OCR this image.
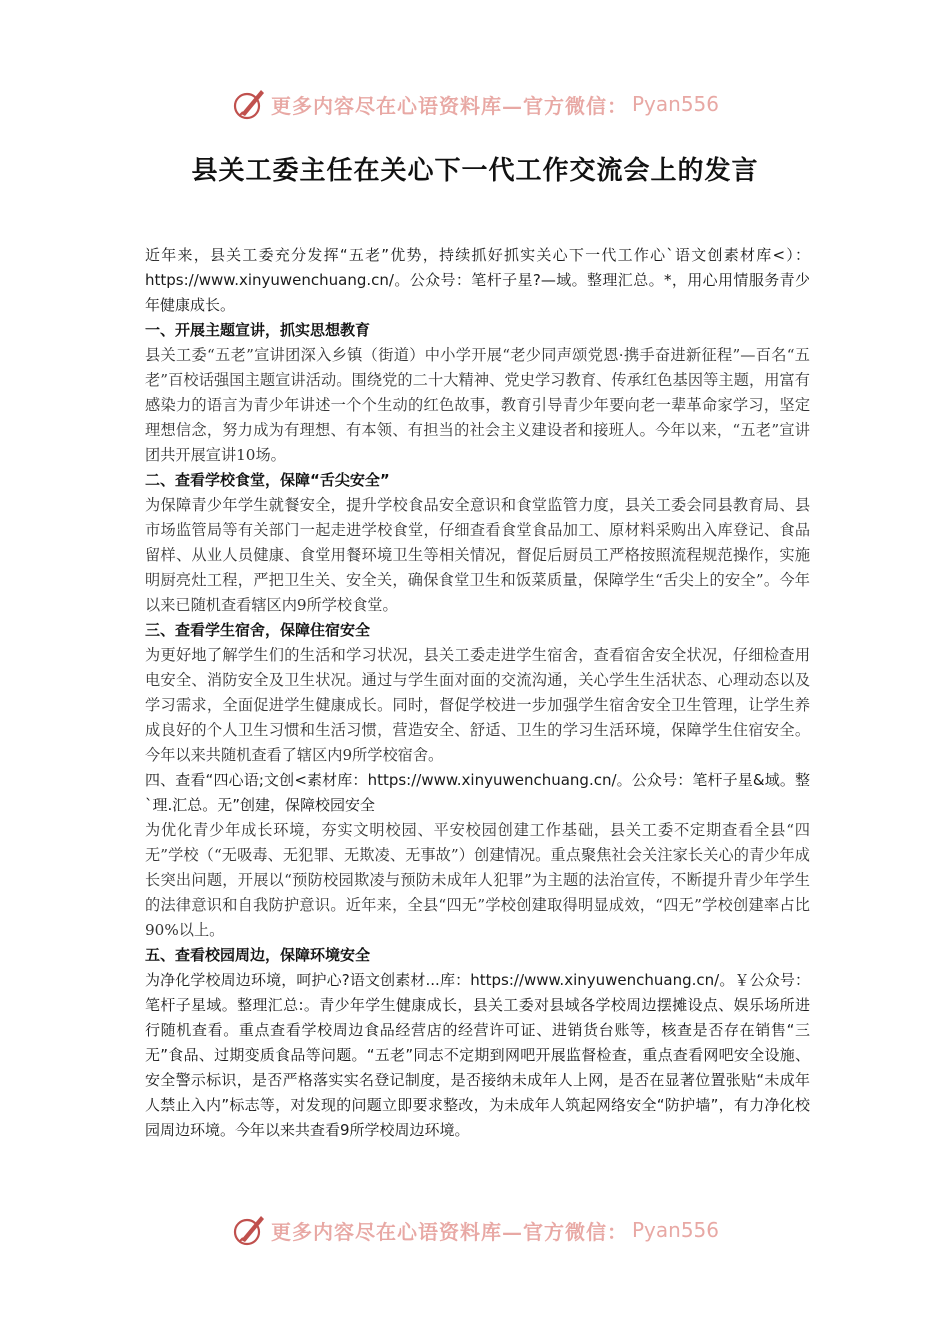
更多内容尽在心语资料库—官方微信： Pyan556
县关工委主任在关心下一代工作交流会上的发言

近年来，县关工委充分发挥“五老”优势，持续抓好抓实关心下一代工作心`语文创素材库<）：https://www.xinyuwenchuang.cn/。公众号：笔杆子星?—域。整理汇总。*，用心用情服务青少年健康成长。

一、开展主题宣讲，抓实思想教育

县关工委“五老”宣讲团深入乡镇（街道）中小学开展“老少同声颂党恩·携手奋进新征程”—百名“五老”百校话强国主题宣讲活动。围绕党的二十大精神、党史学习教育、传承红色基因等主题，用富有感染力的语言为青少年讲述一个个生动的红色故事，教育引导青少年要向老一辈革命家学习，坚定理想信念，努力成为有理想、有本领、有担当的社会主义建设者和接班人。今年以来，“五老”宣讲团共开展宣讲10场。

二、查看学校食堂，保障“舌尖安全”

为保障青少年学生就餐安全，提升学校食品安全意识和食堂监管力度，县关工委会同县教育局、县市场监管局等有关部门一起走进学校食堂，仔细查看食堂食品加工、原材料采购出入库登记、食品留样、从业人员健康、食堂用餐环境卫生等相关情况，督促后厨员工严格按照流程规范操作，实施明厨亮灶工程，严把卫生关、安全关，确保食堂卫生和饭菜质量，保障学生“舌尖上的安全”。今年以来已随机查看辖区内9所学校食堂。

三、查看学生宿舍，保障住宿安全

为更好地了解学生们的生活和学习状况，县关工委走进学生宿舍，查看宿舍安全状况，仔细检查用电安全、消防安全及卫生状况。通过与学生面对面的交流沟通，关心学生生活状态、心理动态以及学习需求，全面促进学生健康成长。同时，督促学校进一步加强学生宿舍安全卫生管理，让学生养成良好的个人卫生习惯和生活习惯，营造安全、舒适、卫生的学习生活环境，保障学生住宿安全。今年以来共随机查看了辖区内9所学校宿舍。

四、查看“四心语;文创<素材库：https://www.xinyuwenchuang.cn/。公众号：笔杆子星&域。整`理.汇总。无”创建，保障校园安全

为优化青少年成长环境，夯实文明校园、平安校园创建工作基础，县关工委不定期查看全县“四无”学校（“无吸毒、无犯罪、无欺凌、无事故”）创建情况。重点聚焦社会关注家长关心的青少年成长突出问题，开展以“预防校园欺凌与预防未成年人犯罪”为主题的法治宣传，不断提升青少年学生的法律意识和自我防护意识。近年来，全县“四无”学校创建取得明显成效，“四无”学校创建率占比90%以上。

五、查看校园周边，保障环境安全

为净化学校周边环境，呵护心?语文创素材...库：https://www.xinyuwenchuang.cn/。￥公众号：笔杆子星域。整理汇总:。青少年学生健康成长，县关工委对县域各学校周边摆摊设点、娱乐场所进行随机查看。重点查看学校周边食品经营店的经营许可证、进销货台账等，核查是否存在销售“三无”食品、过期变质食品等问题。“五老”同志不定期到网吧开展监督检查，重点查看网吧安全设施、安全警示标识，是否严格落实实名登记制度，是否接纳未成年人上网，是否在显著位置张贴“未成年人禁止入内”标志等，对发现的问题立即要求整改，为未成年人筑起网络安全“防护墙”，有力净化校园周边环境。今年以来共查看9所学校周边环境。

更多内容尽在心语资料库—官方微信： Pyan556
